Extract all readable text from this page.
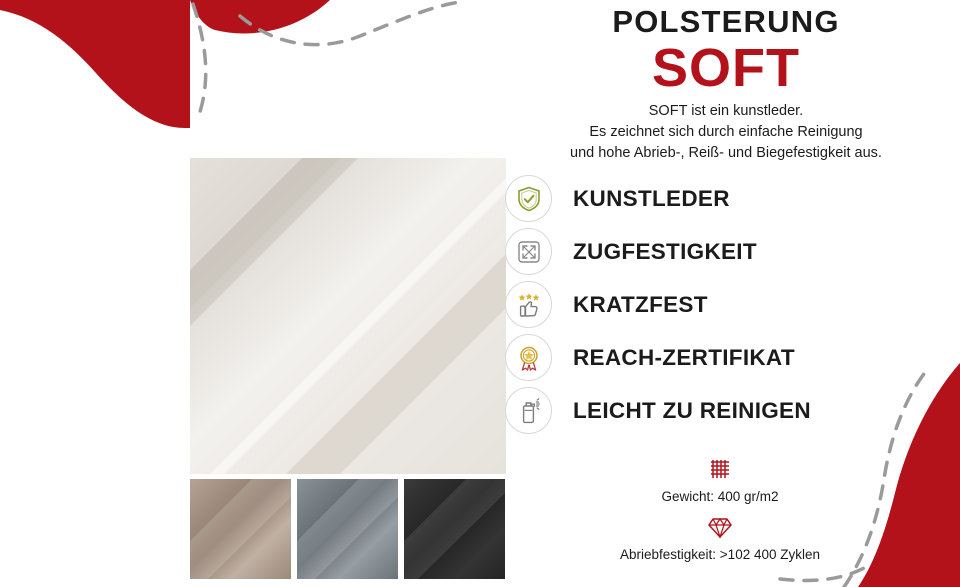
POLSTERUNG
SOFT
SOFT ist ein kunstleder.
Es zeichnet sich durch einfache Reinigung
und hohe Abrieb-, Reiß- und Biegefestigkeit aus.
KUNSTLEDER
ZUGFESTIGKEIT
KRATZFEST
REACH-ZERTIFIKAT
LEICHT ZU REINIGEN
Gewicht: 400 gr/m2
Abriebfestigkeit: >102 400 Zyklen
